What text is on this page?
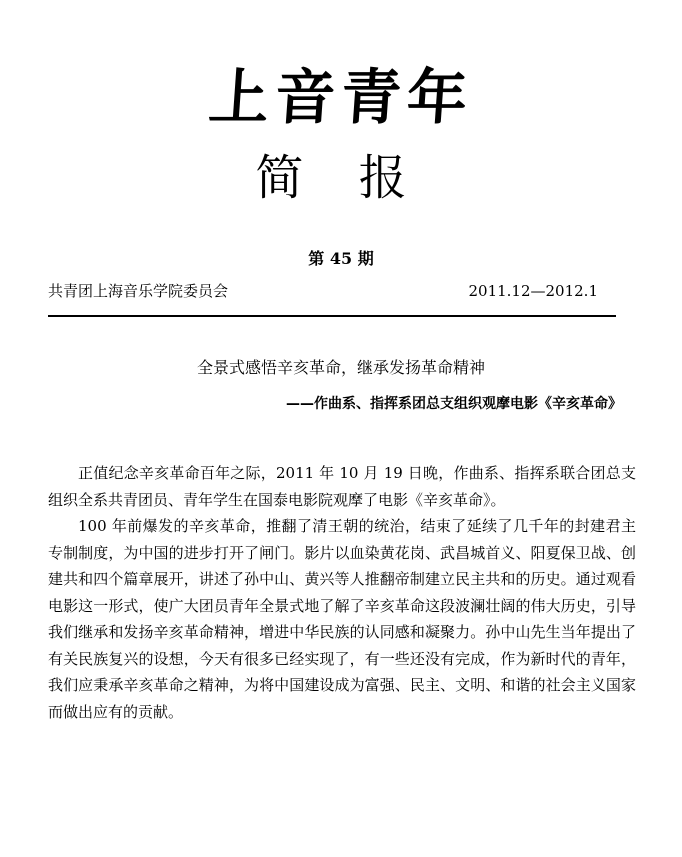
上音青年
简 报
第 45 期
共青团上海音乐学院委员会	2011.12—2012.1
全景式感悟辛亥革命，继承发扬革命精神
——作曲系、指挥系团总支组织观摩电影《辛亥革命》

正值纪念辛亥革命百年之际，2011 年 10 月 19 日晚，作曲系、指挥系联合团总支组织全系共青团员、青年学生在国泰电影院观摩了电影《辛亥革命》。

100 年前爆发的辛亥革命，推翻了清王朝的统治，结束了延续了几千年的封建君主专制制度，为中国的进步打开了闸门。影片以血染黄花岗、武昌城首义、阳夏保卫战、创建共和四个篇章展开，讲述了孙中山、黄兴等人推翻帝制建立民主共和的历史。通过观看电影这一形式，使广大团员青年全景式地了解了辛亥革命这段波澜壮阔的伟大历史，引导我们继承和发扬辛亥革命精神，增进中华民族的认同感和凝聚力。孙中山先生当年提出了有关民族复兴的设想，今天有很多已经实现了，有一些还没有完成，作为新时代的青年，我们应秉承辛亥革命之精神，为将中国建设成为富强、民主、文明、和谐的社会主义国家而做出应有的贡献。
